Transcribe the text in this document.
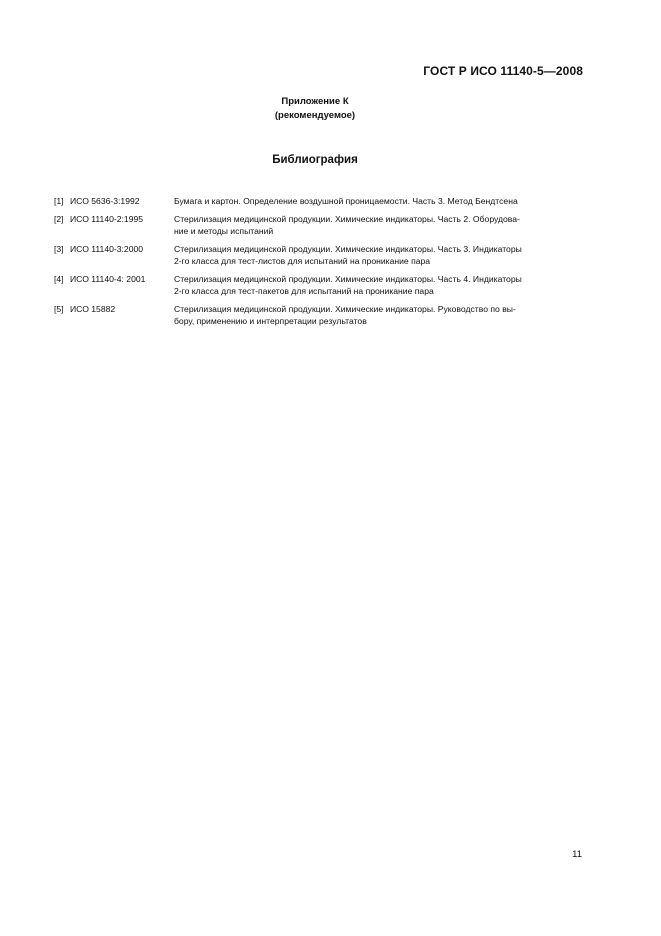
ГОСТ Р ИСО 11140-5—2008
Приложение К
(рекомендуемое)
Библиография
[1] ИСО 5636-3:1992	Бумага и картон. Определение воздушной проницаемости. Часть 3. Метод Бендтсена
[2] ИСО 11140-2:1995	Стерилизация медицинской продукции. Химические индикаторы. Часть 2. Оборудова-
ние и методы испытаний
[3] ИСО 11140-3:2000	Стерилизация медицинской продукции. Химические индикаторы. Часть 3. Индикаторы
2-го класса для тест-листов для испытаний на проникание пара
[4] ИСО 11140-4: 2001	Стерилизация медицинской продукции. Химические индикаторы. Часть 4. Индикаторы
2-го класса для тест-пакетов для испытаний на проникание пара
[5] ИСО 15882	Стерилизация медицинской продукции. Химические индикаторы. Руководство по вы-
бору, применению и интерпретации результатов
11
